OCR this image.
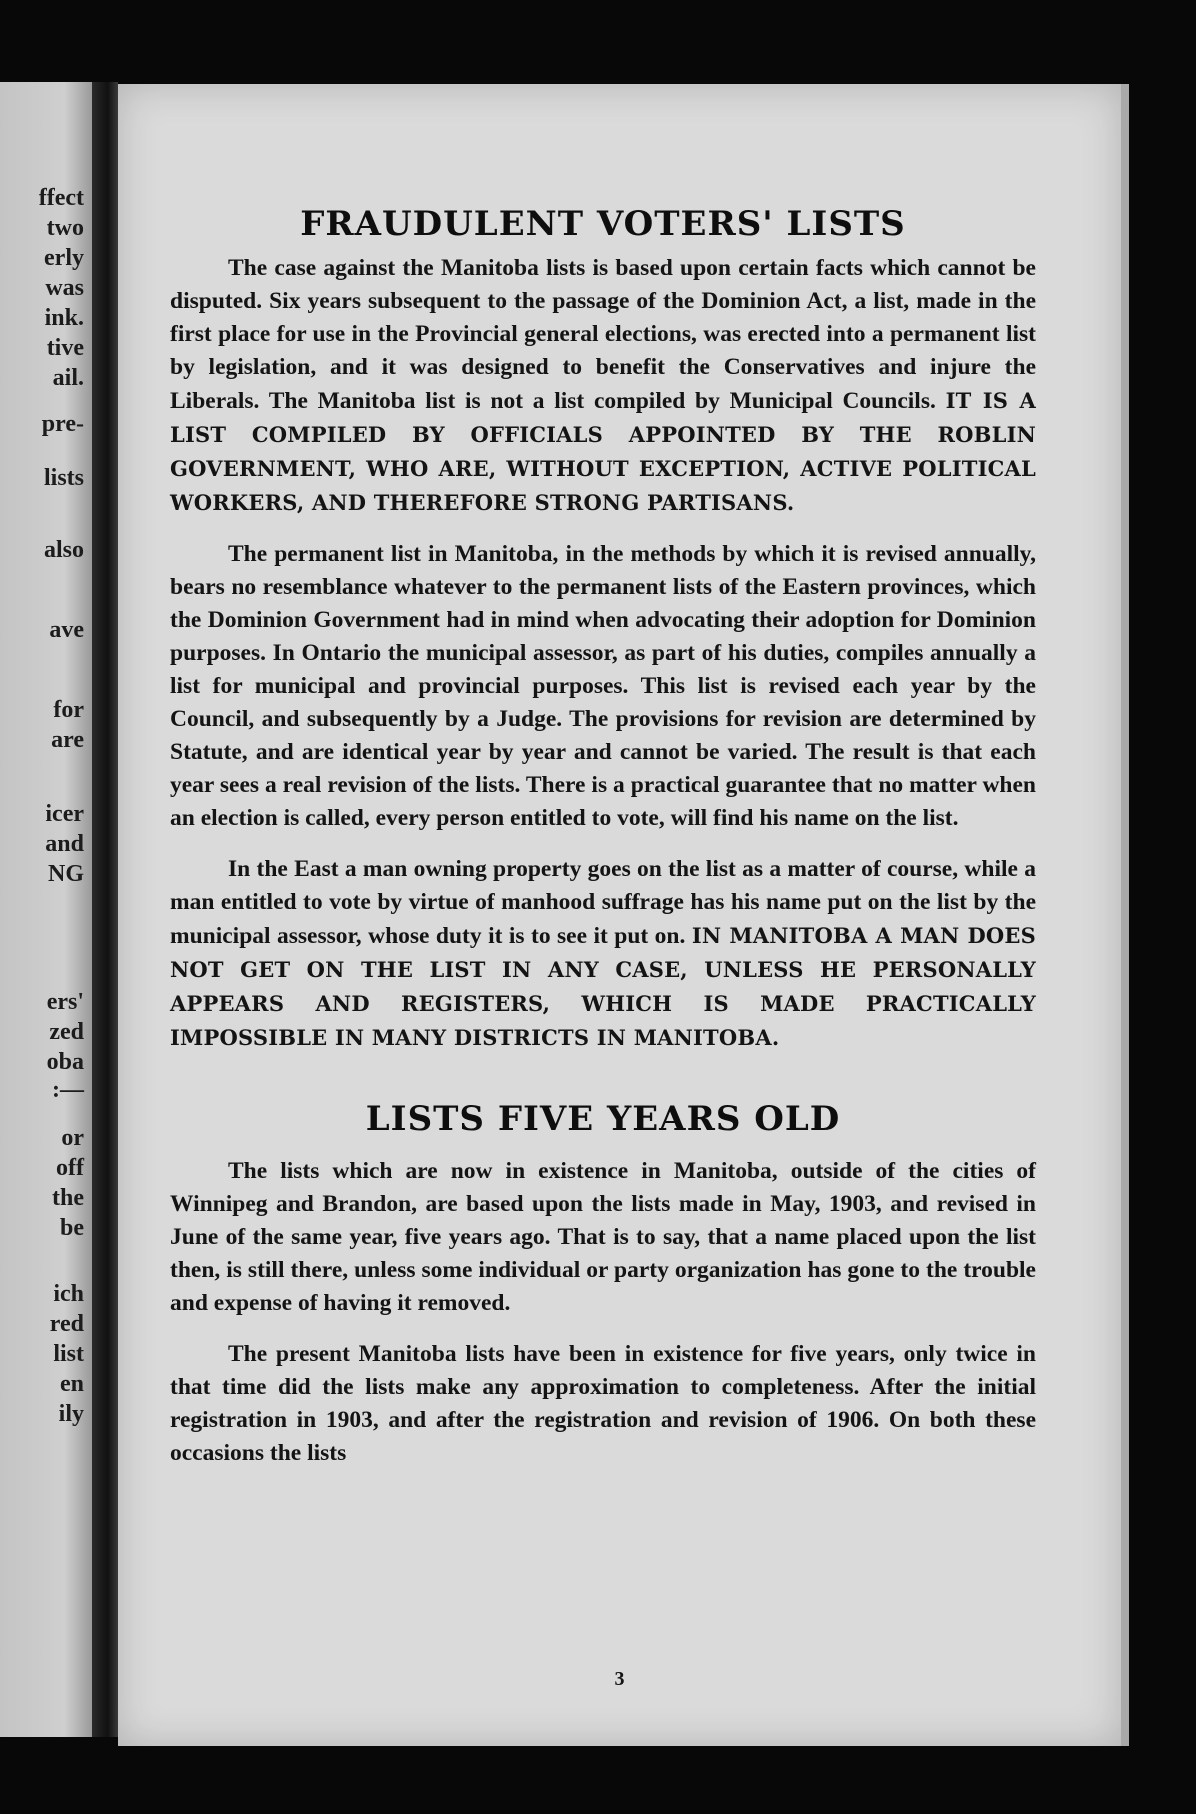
ffect

two

erly

was

ink.

tive

ail.

pre-

lists

also

ave

for

are

icer

and

NG

ers'

zed

oba

:—

or

off

the

be

ich

red

list

en

ily

FRAUDULENT VOTERS' LISTS

The case against the Manitoba lists is based upon certain facts which cannot be disputed. Six years subsequent to the passage of the Dominion Act, a list, made in the first place for use in the Provincial general elections, was erected into a permanent list by legislation, and it was designed to benefit the Conservatives and injure the Liberals. The Manitoba list is not a list compiled by Municipal Councils. IT IS A LIST COMPILED BY OFFICIALS APPOINTED BY THE ROBLIN GOVERNMENT, WHO ARE, WITHOUT EXCEPTION, ACTIVE POLITICAL WORKERS, AND THEREFORE STRONG PARTISANS.

The permanent list in Manitoba, in the methods by which it is revised annually, bears no resemblance whatever to the permanent lists of the Eastern provinces, which the Dominion Government had in mind when advocating their adoption for Dominion purposes. In Ontario the municipal assessor, as part of his duties, compiles annually a list for municipal and provincial purposes. This list is revised each year by the Council, and subsequently by a Judge. The provisions for revision are determined by Statute, and are identical year by year and cannot be varied. The result is that each year sees a real revision of the lists. There is a practical guarantee that no matter when an election is called, every person entitled to vote, will find his name on the list.

In the East a man owning property goes on the list as a matter of course, while a man entitled to vote by virtue of manhood suffrage has his name put on the list by the municipal assessor, whose duty it is to see it put on. IN MANITOBA A MAN DOES NOT GET ON THE LIST IN ANY CASE, UNLESS HE PERSONALLY APPEARS AND REGISTERS, WHICH IS MADE PRACTICALLY IMPOSSIBLE IN MANY DISTRICTS IN MANITOBA.

LISTS FIVE YEARS OLD

The lists which are now in existence in Manitoba, outside of the cities of Winnipeg and Brandon, are based upon the lists made in May, 1903, and revised in June of the same year, five years ago. That is to say, that a name placed upon the list then, is still there, unless some individual or party organization has gone to the trouble and expense of having it removed.

The present Manitoba lists have been in existence for five years, only twice in that time did the lists make any approximation to completeness. After the initial registration in 1903, and after the registration and revision of 1906. On both these occasions the lists

3
